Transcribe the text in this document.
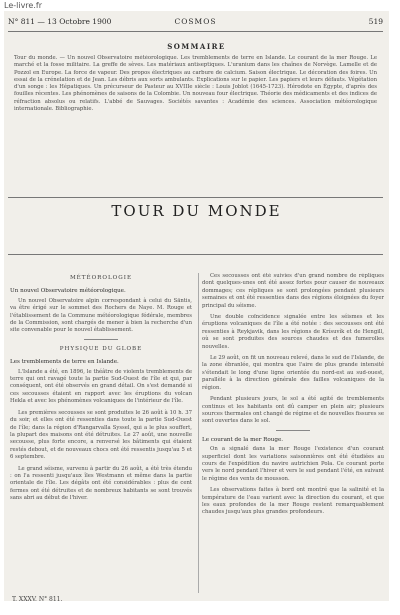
Le-livre.fr
N° 811 — 13 Octobre 1900	COSMOS	519
SOMMAIRE
Tour du monde. — Un nouvel Observatoire météorologique. Les tremblements de terre en Islande. Le courant de la mer Rouge. Le marché et la fosse militaire. La greffe de sèves. Les matériaux antiseptiques. L'uranium dans les chaînes de Norvège. Lamelle et de Pozzol en Europe. La force de vapeur. Des propos électriques au carbure de calcium. Saison électrique. Le décoration des foires. Un essai de la crénelation et de Jean. Les débris aux sorts ambulants. Explications sur le papier. Les papiers et leurs défauts. Végétation d'un songe : les Hépatiques. Un précurseur de Pasteur au XVIIIe siècle : Louis Joblot (1645-1723). Hérodote en Égypte, d'après des fouilles récentes. Les phénomènes de saisons de la Colombie. Un nouveau four électrique. Théorie des médicaments et des indices de réfraction absolus ou relatifs. L'abbé de Sauvages. Sociétés savantes : Académie des sciences. Association météorologique internationale. Bibliographie.
TOUR DU MONDE
MÉTÉOROLOGIE
Un nouvel Observatoire météorologique.
Un nouvel Observatoire alpin correspondant à celui du Säntis, va être érigé sur le sommet des Rochers de Naye. M. Rouge et l'établissement de la Commune météorologique fédérale, membres de la Commission, sont chargés de mener à bien la recherche d'un site convenable pour le nouvel établissement.
PHYSIQUE DU GLOBE
Les tremblements de terre en Islande.
L'Islande a été, en 1896, le théâtre de violents tremblements de terre qui ont ravagé toute la partie Sud-Ouest de l'île et qui, par conséquent, ont été observés en grand détail. On s'est demandé si ces secousses étaient en rapport avec les éruptions du volcan Hekla et avec les phénomènes volcaniques de l'intérieur de l'île.
Les premières secousses se sont produites le 26 août à 10 h. 37 du soir, et elles ont été ressenties dans toute la partie Sud-Ouest de l'île; dans la région d'Rangarvalla Syssel, qui a le plus souffert, la plupart des maisons ont été détruites. Le 27 août, une nouvelle secousse, plus forte encore, a renversé les bâtiments qui étaient restés debout, et de nouveaux chocs ont été ressentis jusqu'au 5 et 6 septembre.
Le grand séisme, survenu à partir du 26 août, a été très étendu : on l'a ressenti jusqu'aux îles Westmann et même dans la partie orientale de l'île. Les dégâts ont été considérables : plus de cent fermes ont été détruites et de nombreux habitants se sont trouvés sans abri au début de l'hiver.
Ces secousses ont été suivies d'un grand nombre de répliques dont quelques-unes ont été assez fortes pour causer de nouveaux dommages; ces répliques se sont prolongées pendant plusieurs semaines et ont été ressenties dans des régions éloignées du foyer principal du séisme.
Une double coïncidence signalée entre les séismes et les éruptions volcaniques de l'île a été notée : des secousses ont été ressenties à Reykjavik, dans les régions de Krísuvík et de Hengill, où se sont produites des sources chaudes et des fumerolles nouvelles.
Le 29 août, on fit un nouveau relevé, dans le sud de l'Islande, de la zone ébranlée, qui montra que l'aire de plus grande intensité s'étendait le long d'une ligne orientée du nord-est au sud-ouest, parallèle à la direction générale des failles volcaniques de la région.
Pendant plusieurs jours, le sol a été agité de tremblements continus et les habitants ont dû camper en plein air; plusieurs sources thermales ont changé de régime et de nouvelles fissures se sont ouvertes dans le sol.
Le courant de la mer Rouge.
On a signalé dans la mer Rouge l'existence d'un courant superficiel dont les variations saisonnières ont été étudiées au cours de l'expédition du navire autrichien Pola. Ce courant porte vers le nord pendant l'hiver et vers le sud pendant l'été, en suivant le régime des vents de mousson.
Les observations faites à bord ont montré que la salinité et la température de l'eau varient avec la direction du courant, et que les eaux profondes de la mer Rouge restent remarquablement chaudes jusqu'aux plus grandes profondeurs.
T. XXXV. N° 811.
